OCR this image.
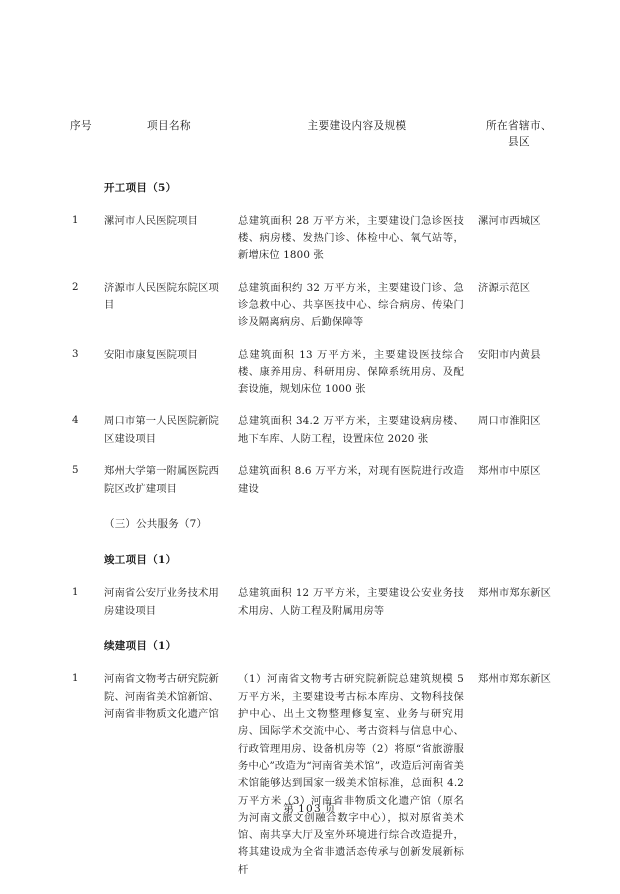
序号	项目名称	主要建设内容及规模	所在省辖市、
县区
	开工项目（5）		
1	漯河市人民医院项目	总建筑面积 28 万平方米，主要建设门急诊医技楼、病房楼、发热门诊、体检中心、氧气站等，新增床位 1800 张	漯河市西城区
2	济源市人民医院东院区项目	总建筑面积约 32 万平方米，主要建设门诊、急诊急救中心、共享医技中心、综合病房、传染门诊及隔离病房、后勤保障等	济源示范区
3	安阳市康复医院项目	总建筑面积 13 万平方米，主要建设医技综合楼、康养用房、科研用房、保障系统用房、及配套设施，规划床位 1000 张	安阳市内黄县
4	周口市第一人民医院新院区建设项目	总建筑面积 34.2 万平方米，主要建设病房楼、地下车库、人防工程，设置床位 2020 张	周口市淮阳区
5	郑州大学第一附属医院西院区改扩建项目	总建筑面积 8.6 万平方米，对现有医院进行改造建设	郑州市中原区
	（三）公共服务（7）		
	竣工项目（1）		
1	河南省公安厅业务技术用房建设项目	总建筑面积 12 万平方米，主要建设公安业务技术用房、人防工程及附属用房等	郑州市郑东新区
	续建项目（1）		
1	河南省文物考古研究院新院、河南省美术馆新馆、河南省非物质文化遗产馆	（1）河南省文物考古研究院新院总建筑规模 5 万平方米，主要建设考古标本库房、文物科技保护中心、出土文物整理修复室、业务与研究用房、国际学术交流中心、考古资料与信息中心、行政管理用房、设备机房等（2）将原“省旅游服务中心”改造为“河南省美术馆”，改造后河南省美术馆能够达到国家一级美术馆标准，总面积 4.2 万平方米（3）河南省非物质文化遗产馆（原名为河南文旅文创融合数字中心），拟对原省美术馆、南共享大厅及室外环境进行综合改造提升，将其建设成为全省非遗活态传承与创新发展新标杆	郑州市郑东新区
第 103 页
